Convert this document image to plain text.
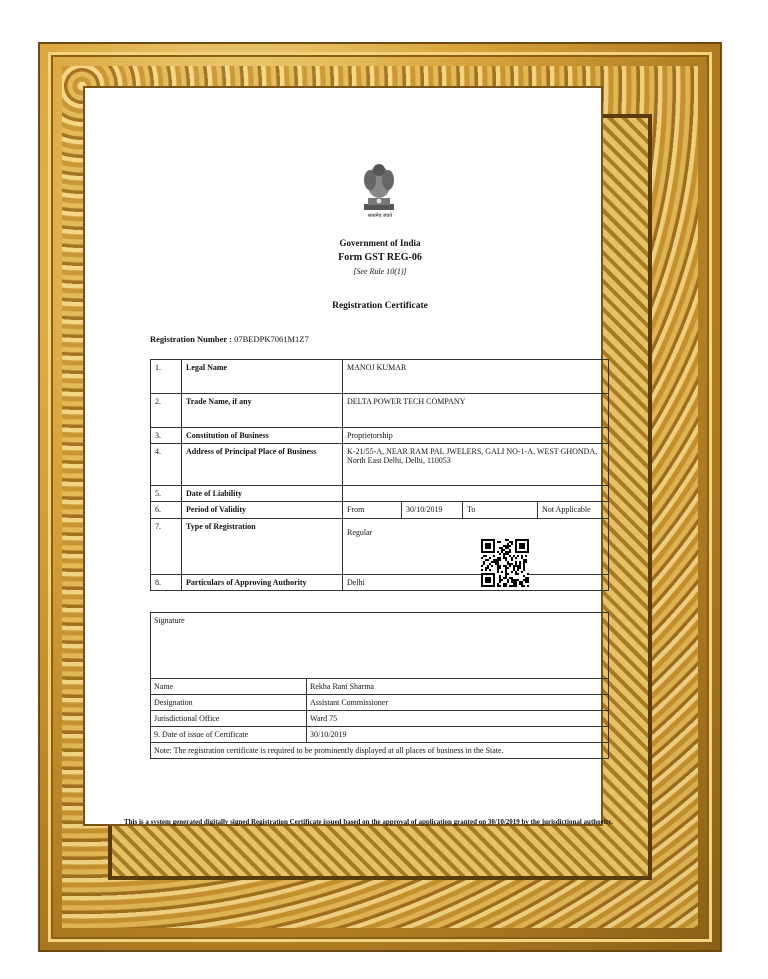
सत्यमेव जयते
Government of India
Form GST REG-06
[See Rule 10(1)]
Registration Certificate
Registration Number : 07BEDPK7061M1Z7
1.	Legal Name	MANOJ KUMAR			
2.	Trade Name, if any	DELTA POWER TECH COMPANY			
3.	Constitution of Business	Proprietorship			
4.	Address of Principal Place of Business	K-21/55-A, NEAR RAM PAL JWELERS, GALI NO-1-A, WEST GHONDA, North East Delhi, Delhi, 110053			
5.	Date of Liability				
6.	Period of Validity	From	30/10/2019	To	Not Applicable
7.	Type of Registration	Regular			

8.	Particulars of Approving Authority	Delhi			
Signature	
Name	Rekha Rani Sharma
Designation	Assistant Commissioner
Jurisdictional Office	Ward 75
9. Date of issue of Certificate	30/10/2019
Note: The registration certificate is required to be prominently displayed at all places of business in the State.	
This is a system generated digitally signed Registration Certificate issued based on the approval of application granted on 30/10/2019 by the jurisdictional authority.
